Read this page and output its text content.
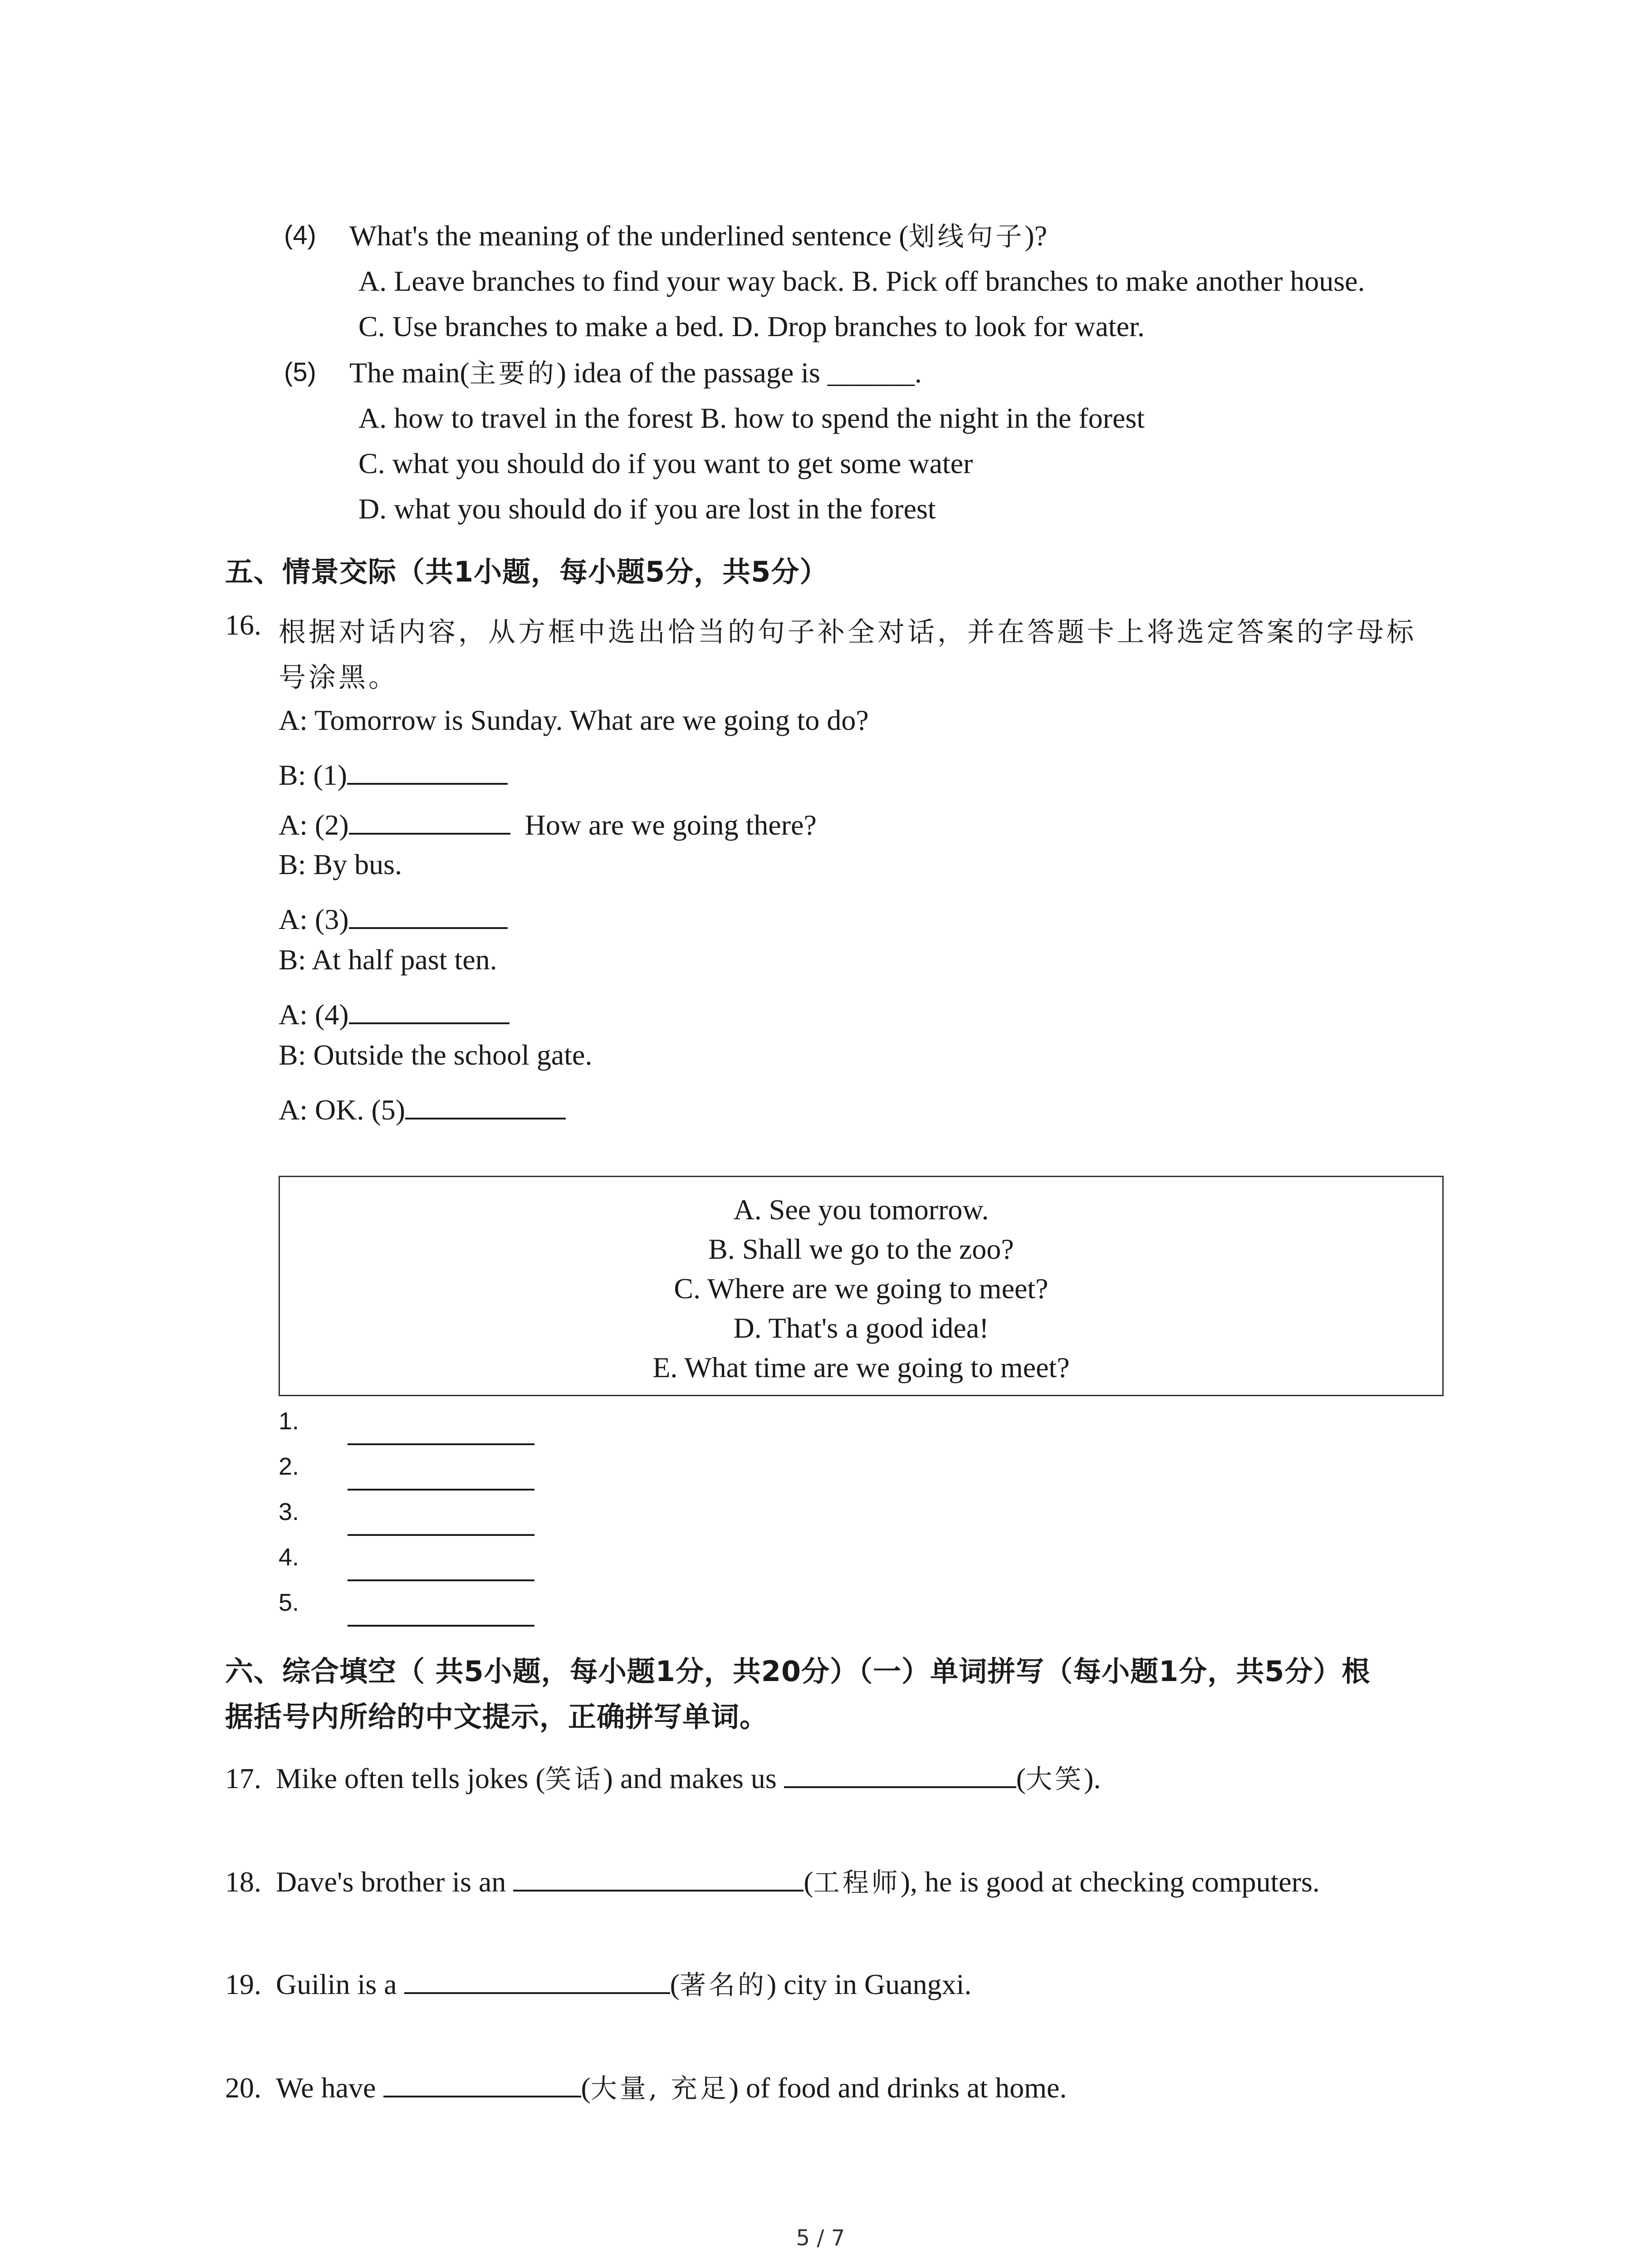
(4) What's the meaning of the underlined sentence (划线句子)?
A. Leave branches to find your way back. B. Pick off branches to make another house.
C. Use branches to make a bed. D. Drop branches to look for water.
(5) The main(主要的) idea of the passage is ______.
A. how to travel in the forest B. how to spend the night in the forest
C. what you should do if you want to get some water
D. what you should do if you are lost in the forest
五、情景交际（共1小题，每小题5分，共5分）
16. 根据对话内容，从方框中选出恰当的句子补全对话，并在答题卡上将选定答案的字母标
号涂黑。
A: Tomorrow is Sunday. What are we going to do?
B: (1)
A: (2)	How are we going there?
B: By bus.
A: (3)
B: At half past ten.
A: (4)
B: Outside the school gate.
A: OK. (5)
A. See you tomorrow.
B. Shall we go to the zoo?
C. Where are we going to meet?
D. That's a good idea!
E. What time are we going to meet?
1.
2.
3.
4.
5.
六、综合填空（ 共5小题，每小题1分，共20分）（一）单词拼写（每小题1分，共5分）根
据括号内所给的中文提示，正确拼写单词。
17. Mike often tells jokes (笑话) and makes us	(大笑).
18. Dave's brother is an	(工程师), he is good at checking computers.
19. Guilin is a	(著名的) city in Guangxi.
20. We have	(大量, 充足) of food and drinks at home.
5 / 7
